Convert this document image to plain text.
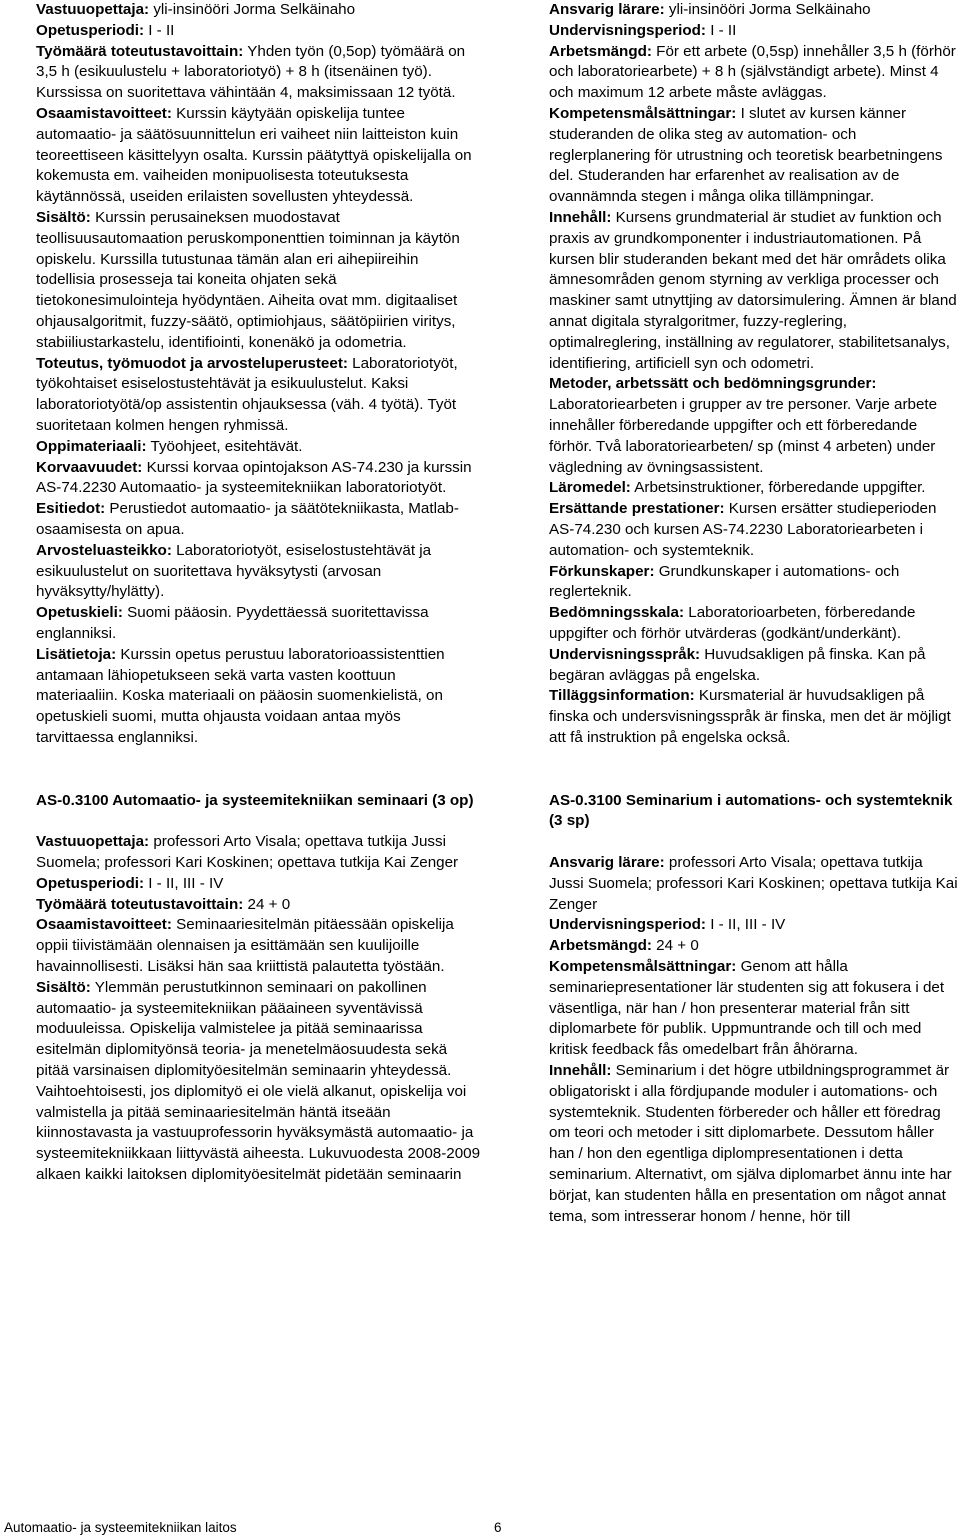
Vastuuopettaja: yli-insinööri Jorma Selkäinaho

Opetusperiodi: I - II

Työmäärä toteutustavoittain: Yhden työn (0,5op) työmäärä on 3,5 h (esikuulustelu + laboratoriotyö) + 8 h (itsenäinen työ). Kurssissa on suoritettava vähintään 4, maksimissaan 12 työtä.

Osaamistavoitteet: Kurssin käytyään opiskelija tuntee automaatio- ja säätösuunnittelun eri vaiheet niin laitteiston kuin teoreettiseen käsittelyyn osalta. Kurssin päätyttyä opiskelijalla on kokemusta em. vaiheiden monipuolisesta toteutuksesta käytännössä, useiden erilaisten sovellusten yhteydessä.

Sisältö: Kurssin perusaineksen muodostavat teollisuusautomaation peruskomponenttien toiminnan ja käytön opiskelu. Kurssilla tutustunaa tämän alan eri aihepiireihin todellisia prosesseja tai koneita ohjaten sekä tietokonesimulointeja hyödyntäen. Aiheita ovat mm. digitaaliset ohjausalgoritmit, fuzzy-säätö, optimiohjaus, säätöpiirien viritys, stabiiliustarkastelu, identifiointi, konenäkö ja odometria.

Toteutus, työmuodot ja arvosteluperusteet: Laboratoriotyöt, työkohtaiset esiselostustehtävät ja esikuulustelut. Kaksi laboratoriotyötä/op assistentin ohjauksessa (väh. 4 työtä). Työt suoritetaan kolmen hengen ryhmissä.

Oppimateriaali: Työohjeet, esitehtävät.

Korvaavuudet: Kurssi korvaa opintojakson AS-74.230 ja kurssin AS-74.2230 Automaatio- ja systeemitekniikan laboratoriotyöt.

Esitiedot: Perustiedot automaatio- ja säätötekniikasta, Matlab-osaamisesta on apua.

Arvosteluasteikko: Laboratoriotyöt, esiselostustehtävät ja esikuulustelut on suoritettava hyväksytysti (arvosan hyväksytty/hylätty).

Opetuskieli: Suomi pääosin. Pyydettäessä suoritettavissa englanniksi.

Lisätietoja: Kurssin opetus perustuu laboratorioassistenttien antamaan lähiopetukseen sekä varta vasten koottuun materiaaliin. Koska materiaali on pääosin suomenkielistä, on opetuskieli suomi, mutta ohjausta voidaan antaa myös tarvittaessa englanniksi.

AS-0.3100 Automaatio- ja systeemitekniikan seminaari (3 op)

Vastuuopettaja: professori Arto Visala; opettava tutkija Jussi Suomela; professori Kari Koskinen; opettava tutkija Kai Zenger

Opetusperiodi: I - II, III - IV

Työmäärä toteutustavoittain: 24 + 0

Osaamistavoitteet: Seminaariesitelmän pitäessään opiskelija oppii tiivistämään olennaisen ja esittämään sen kuulijoille havainnollisesti. Lisäksi hän saa kriittistä palautetta työstään.

Sisältö: Ylemmän perustutkinnon seminaari on pakollinen automaatio- ja systeemitekniikan pääaineen syventävissä moduuleissa. Opiskelija valmistelee ja pitää seminaarissa esitelmän diplomityönsä teoria- ja menetelmäosuudesta sekä pitää varsinaisen diplomityöesitelmän seminaarin yhteydessä. Vaihtoehtoisesti, jos diplomityö ei ole vielä alkanut, opiskelija voi valmistella ja pitää seminaariesitelmän häntä itseään kiinnostavasta ja vastuuprofessorin hyväksymästä automaatio- ja systeemitekniikkaan liittyvästä aiheesta. Lukuvuodesta 2008-2009 alkaen kaikki laitoksen diplomityöesitelmät pidetään seminaarin

Ansvarig lärare: yli-insinööri Jorma Selkäinaho

Undervisningsperiod: I - II

Arbetsmängd: För ett arbete (0,5sp) innehåller 3,5 h (förhör och laboratoriearbete) + 8 h (självständigt arbete). Minst 4 och maximum 12 arbete måste avläggas.

Kompetensmålsättningar: I slutet av kursen känner studeranden de olika steg av automation- och reglerplanering för utrustning och teoretisk bearbetningens del. Studeranden har erfarenhet av realisation av de ovannämnda stegen i många olika tillämpningar.

Innehåll: Kursens grundmaterial är studiet av funktion och praxis av grundkomponenter i industriautomationen. På kursen blir studeranden bekant med det här områdets olika ämnesområden genom styrning av verkliga processer och maskiner samt utnyttjing av datorsimulering. Ämnen är bland annat digitala styralgoritmer, fuzzy-reglering, optimalreglering, inställning av regulatorer, stabilitetsanalys, identifiering, artificiell syn och odometri.

Metoder, arbetssätt och bedömningsgrunder: Laboratoriearbeten i grupper av tre personer. Varje arbete innehåller förberedande uppgifter och ett förberedande förhör. Två laboratoriearbeten/ sp (minst 4 arbeten) under vägledning av övningsassistent.

Läromedel: Arbetsinstruktioner, förberedande uppgifter.

Ersättande prestationer: Kursen ersätter studieperioden AS-74.230 och kursen AS-74.2230 Laboratoriearbeten i automation- och systemteknik.

Förkunskaper: Grundkunskaper i automations- och reglerteknik.

Bedömningsskala: Laboratorioarbeten, förberedande uppgifter och förhör utvärderas (godkänt/underkänt).

Undervisningsspråk: Huvudsakligen på finska. Kan på begäran avläggas på engelska.

Tilläggsinformation: Kursmaterial är huvudsakligen på finska och undersvisningsspråk är finska, men det är möjligt att få instruktion på engelska också.

AS-0.3100 Seminarium i automations- och systemteknik (3 sp)

Ansvarig lärare: professori Arto Visala; opettava tutkija Jussi Suomela; professori Kari Koskinen; opettava tutkija Kai Zenger

Undervisningsperiod: I - II, III - IV

Arbetsmängd: 24 + 0

Kompetensmålsättningar: Genom att hålla seminariepresentationer lär studenten sig att fokusera i det väsentliga, när han / hon presenterar material från sitt diplomarbete för publik. Uppmuntrande och till och med kritisk feedback fås omedelbart från åhörarna.

Innehåll: Seminarium i det högre utbildningsprogrammet är obligatoriskt i alla fördjupande moduler i automations- och systemteknik. Studenten förbereder och håller ett föredrag om teori och metoder i sitt diplomarbete. Dessutom håller han / hon den egentliga diplompresentationen i detta seminarium. Alternativt, om själva diplomarbet ännu inte har börjat, kan studenten hålla en presentation om något annat tema, som intresserar honom / henne, hör till

Automaatio- ja systeemitekniikan laitos	6
